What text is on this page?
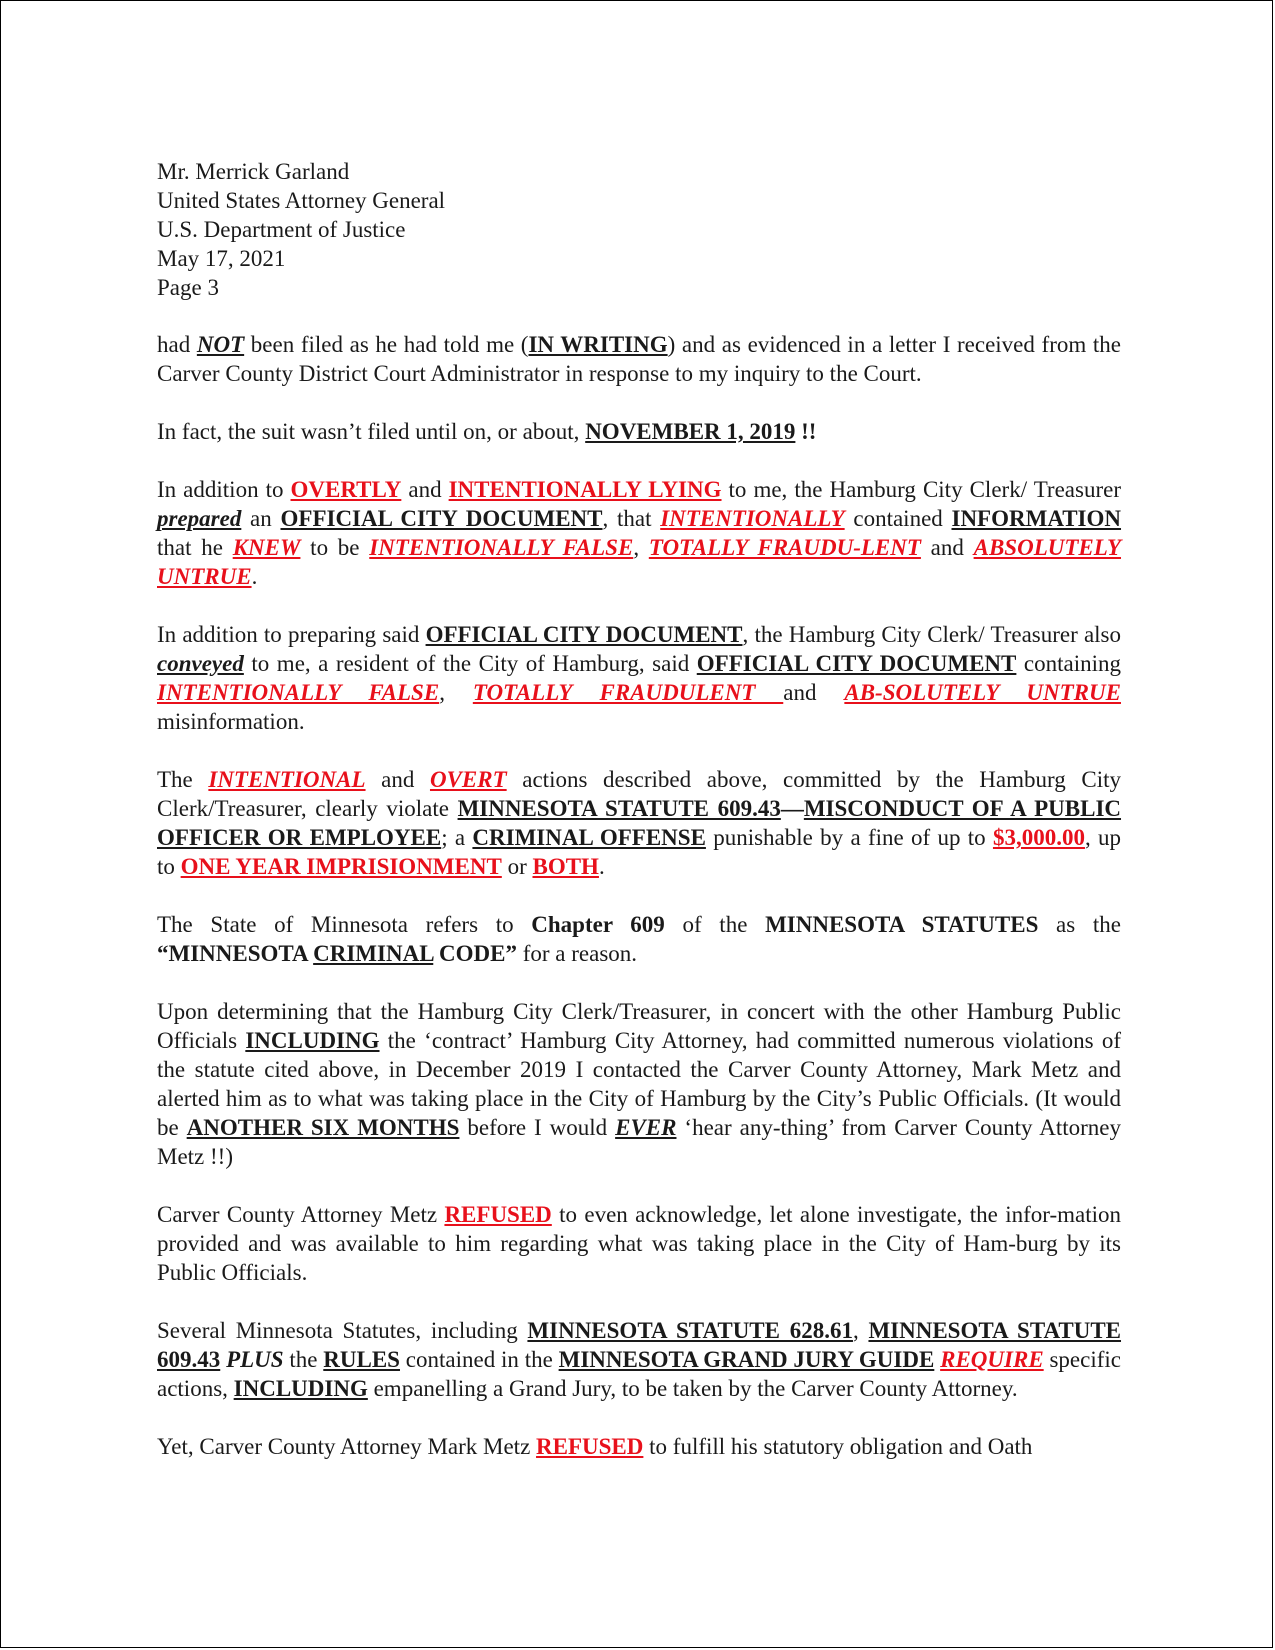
Mr. Merrick Garland
United States Attorney General
U.S. Department of Justice
May 17, 2021
Page 3

had NOT been filed as he had told me (IN WRITING) and as evidenced in a letter I received from the Carver County District Court Administrator in response to my inquiry to the Court.

In fact, the suit wasn’t filed until on, or about, NOVEMBER 1, 2019 !!

In addition to OVERTLY and INTENTIONALLY LYING to me, the Hamburg City Clerk/ Treasurer prepared an OFFICIAL CITY DOCUMENT, that INTENTIONALLY contained INFORMATION that he KNEW to be INTENTIONALLY FALSE, TOTALLY FRAUDU-LENT and ABSOLUTELY UNTRUE.

In addition to preparing said OFFICIAL CITY DOCUMENT, the Hamburg City Clerk/ Treasurer also conveyed to me, a resident of the City of Hamburg, said OFFICIAL CITY DOCUMENT containing INTENTIONALLY FALSE, TOTALLY FRAUDULENT and AB-SOLUTELY UNTRUE misinformation.

The INTENTIONAL and OVERT actions described above, committed by the Hamburg City Clerk/Treasurer, clearly violate MINNESOTA STATUTE 609.43—MISCONDUCT OF A PUBLIC OFFICER OR EMPLOYEE; a CRIMINAL OFFENSE punishable by a fine of up to $3,000.00, up to ONE YEAR IMPRISIONMENT or BOTH.

The State of Minnesota refers to Chapter 609 of the MINNESOTA STATUTES as the “MINNESOTA CRIMINAL CODE” for a reason.

Upon determining that the Hamburg City Clerk/Treasurer, in concert with the other Hamburg Public Officials INCLUDING the ‘contract’ Hamburg City Attorney, had committed numerous violations of the statute cited above, in December 2019 I contacted the Carver County Attorney, Mark Metz and alerted him as to what was taking place in the City of Hamburg by the City’s Public Officials. (It would be ANOTHER SIX MONTHS before I would EVER ‘hear any-thing’ from Carver County Attorney Metz !!)

Carver County Attorney Metz REFUSED to even acknowledge, let alone investigate, the infor-mation provided and was available to him regarding what was taking place in the City of Ham-burg by its Public Officials.

Several Minnesota Statutes, including MINNESOTA STATUTE 628.61, MINNESOTA STATUTE 609.43 PLUS the RULES contained in the MINNESOTA GRAND JURY GUIDE REQUIRE specific actions, INCLUDING empanelling a Grand Jury, to be taken by the Carver County Attorney.

Yet, Carver County Attorney Mark Metz REFUSED to fulfill his statutory obligation and Oath
